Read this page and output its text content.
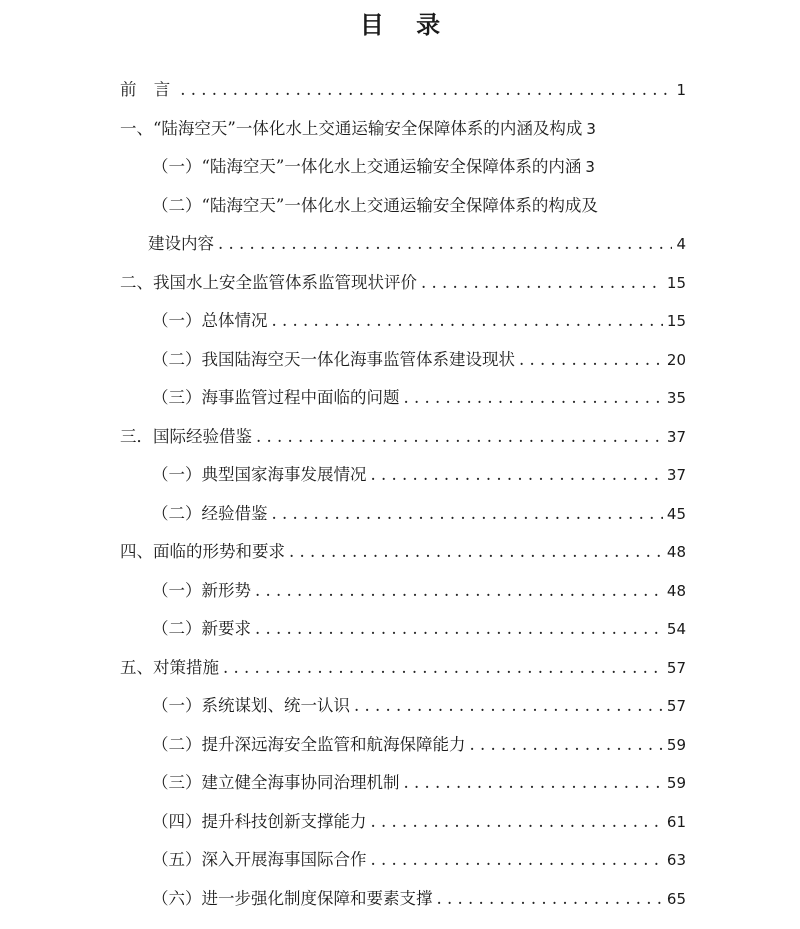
目 录
前 言 . . .	1
一、“陆海空天”一体化水上交通运输安全保障体系的内涵及构成 3
（一）“陆海空天”一体化水上交通运输安全保障体系的内涵 3
（二）“陆海空天”一体化水上交通运输安全保障体系的构成及
建设内容 . . .	4
二、我国水上安全监管体系监管现状评价 . . .	15
（一）总体情况 . . .	15
（二）我国陆海空天一体化海事监管体系建设现状 . . .	20
（三）海事监管过程中面临的问题 . . .	35
三．国际经验借鉴 . . .	37
（一）典型国家海事发展情况 . . .	37
（二）经验借鉴 . . .	45
四、面临的形势和要求 . . .	48
（一）新形势 . . .	48
（二）新要求 . . .	54
五、对策措施 . . .	57
（一）系统谋划、统一认识 . . .	57
（二）提升深远海安全监管和航海保障能力 . . .	59
（三）建立健全海事协同治理机制 . . .	59
（四）提升科技创新支撑能力 . . .	61
（五）深入开展海事国际合作 . . .	63
（六）进一步强化制度保障和要素支撑 . . .	65
